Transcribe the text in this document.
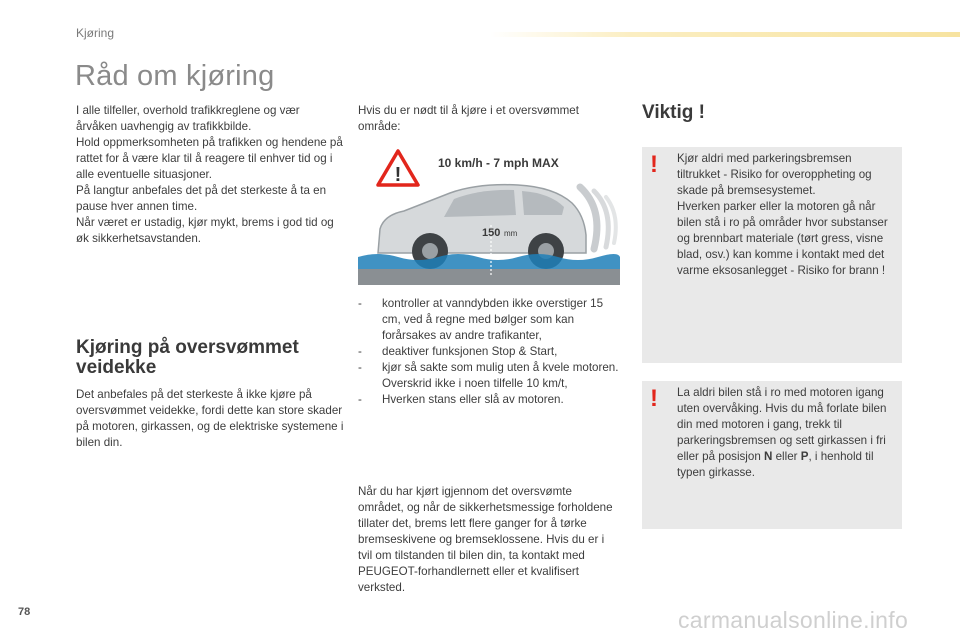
Kjøring
Råd om kjøring

I alle tilfeller, overhold trafikkreglene og vær årvåken uavhengig av trafikkbilde.

Hold oppmerksomheten på trafikken og hendene på rattet for å være klar til å reagere til enhver tid og i alle eventuelle situasjoner.

På langtur anbefales det på det sterkeste å ta en pause hver annen time.

Når været er ustadig, kjør mykt, brems i god tid og øk sikkerhetsavstanden.

Kjøring på oversvømmet veidekke

Det anbefales på det sterkeste å ikke kjøre på oversvømmet veidekke, fordi dette kan store skader på motoren, girkassen, og de elektriske systemene i bilen din.

Hvis du er nødt til å kjøre i et oversvømmet område:

150 mm
!
10 km/h - 7 mph MAX
- kontroller at vanndybden ikke overstiger 15 cm, ved å regne med bølger som kan forårsakes av andre trafikanter,
- deaktiver funksjonen Stop & Start,
- kjør så sakte som mulig uten å kvele motoren. Overskrid ikke i noen tilfelle 10 km/t,
- Hverken stans eller slå av motoren.

Når du har kjørt igjennom det oversvømte området, og når de sikkerhetsmessige forholdene tillater det, brems lett flere ganger for å tørke bremseskivene og bremseklossene. Hvis du er i tvil om tilstanden til bilen din, ta kontakt med PEUGEOT-forhandlernett eller et kvalifisert verksted.

Viktig !
! Kjør aldri med parkeringsbremsen tiltrukket - Risiko for overoppheting og skade på bremsesystemet.
Hverken parker eller la motoren gå når bilen stå i ro på områder hvor substanser og brennbart materiale (tørt gress, visne blad, osv.) kan komme i kontakt med det varme eksosanlegget - Risiko for brann !

! La aldri bilen stå i ro med motoren igang uten overvåking. Hvis du må forlate bilen din med motoren i gang, trekk til parkeringsbremsen og sett girkassen i fri eller på posisjon N eller P, i henhold til typen girkasse.

78	carmanualsonline.info
